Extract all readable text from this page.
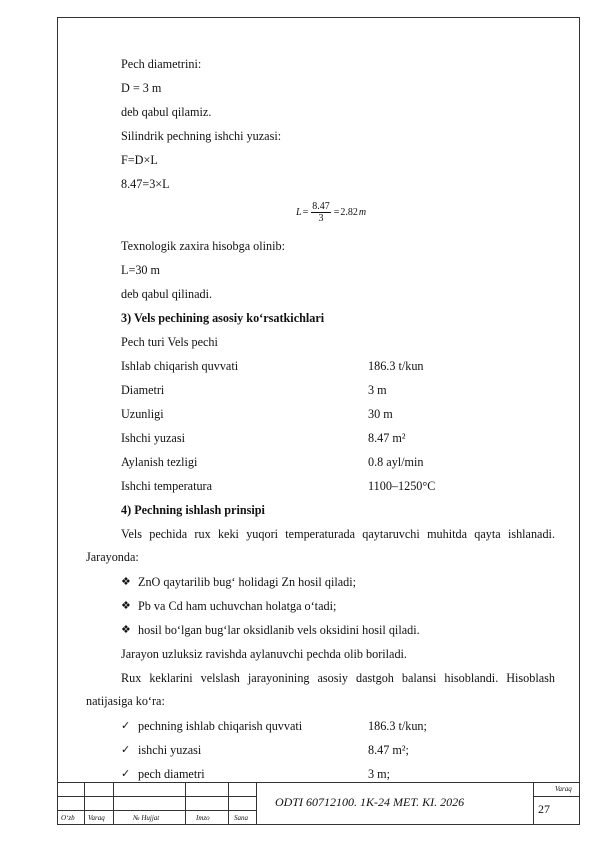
Pech diametrini:
D = 3 m
deb qabul qilamiz.
Silindrik pechning ishchi yuzasi:
F=D×L
8.47=3×L
$L = \frac{8.47}{3} = 2.82$ m
Texnologik zaxira hisobga olinib:
L=30 m
deb qabul qilinadi.
3) Vels pechining asosiy ko‘rsatkichlari
Pech turi Vels pechi
Ishlab chiqarish quvvati	186.3 t/kun
Diametri	3 m
Uzunligi	30 m
Ishchi yuzasi	8.47 m²
Aylanish tezligi	0.8 ayl/min
Ishchi temperatura	1100–1250°C
4) Pechning ishlash prinsipi
Vels pechida rux keki yuqori temperaturada qaytaruvchi muhitda qayta ishlanadi. Jarayonda:
❖ ZnO qaytarilib bug‘ holidagi Zn hosil qiladi;
❖ Pb va Cd ham uchuvchan holatga o‘tadi;
❖ hosil bo‘lgan bug‘lar oksidlanib vels oksidini hosil qiladi.
Jarayon uzluksiz ravishda aylanuvchi pechda olib boriladi.
Rux keklarini velslash jarayonining asosiy dastgoh balansi hisoblandi. Hisoblash natijasiga ko‘ra:
✓ pechning ishlab chiqarish quvvati	186.3 t/kun;
✓ ishchi yuzasi	8.47 m²;
✓ pech diametri	3 m;
O‘zb Varaq	№ Hujjat	Imzo	Sana
ODTI 60712100. 1K-24 MET. KI. 2026
Varaq
27
